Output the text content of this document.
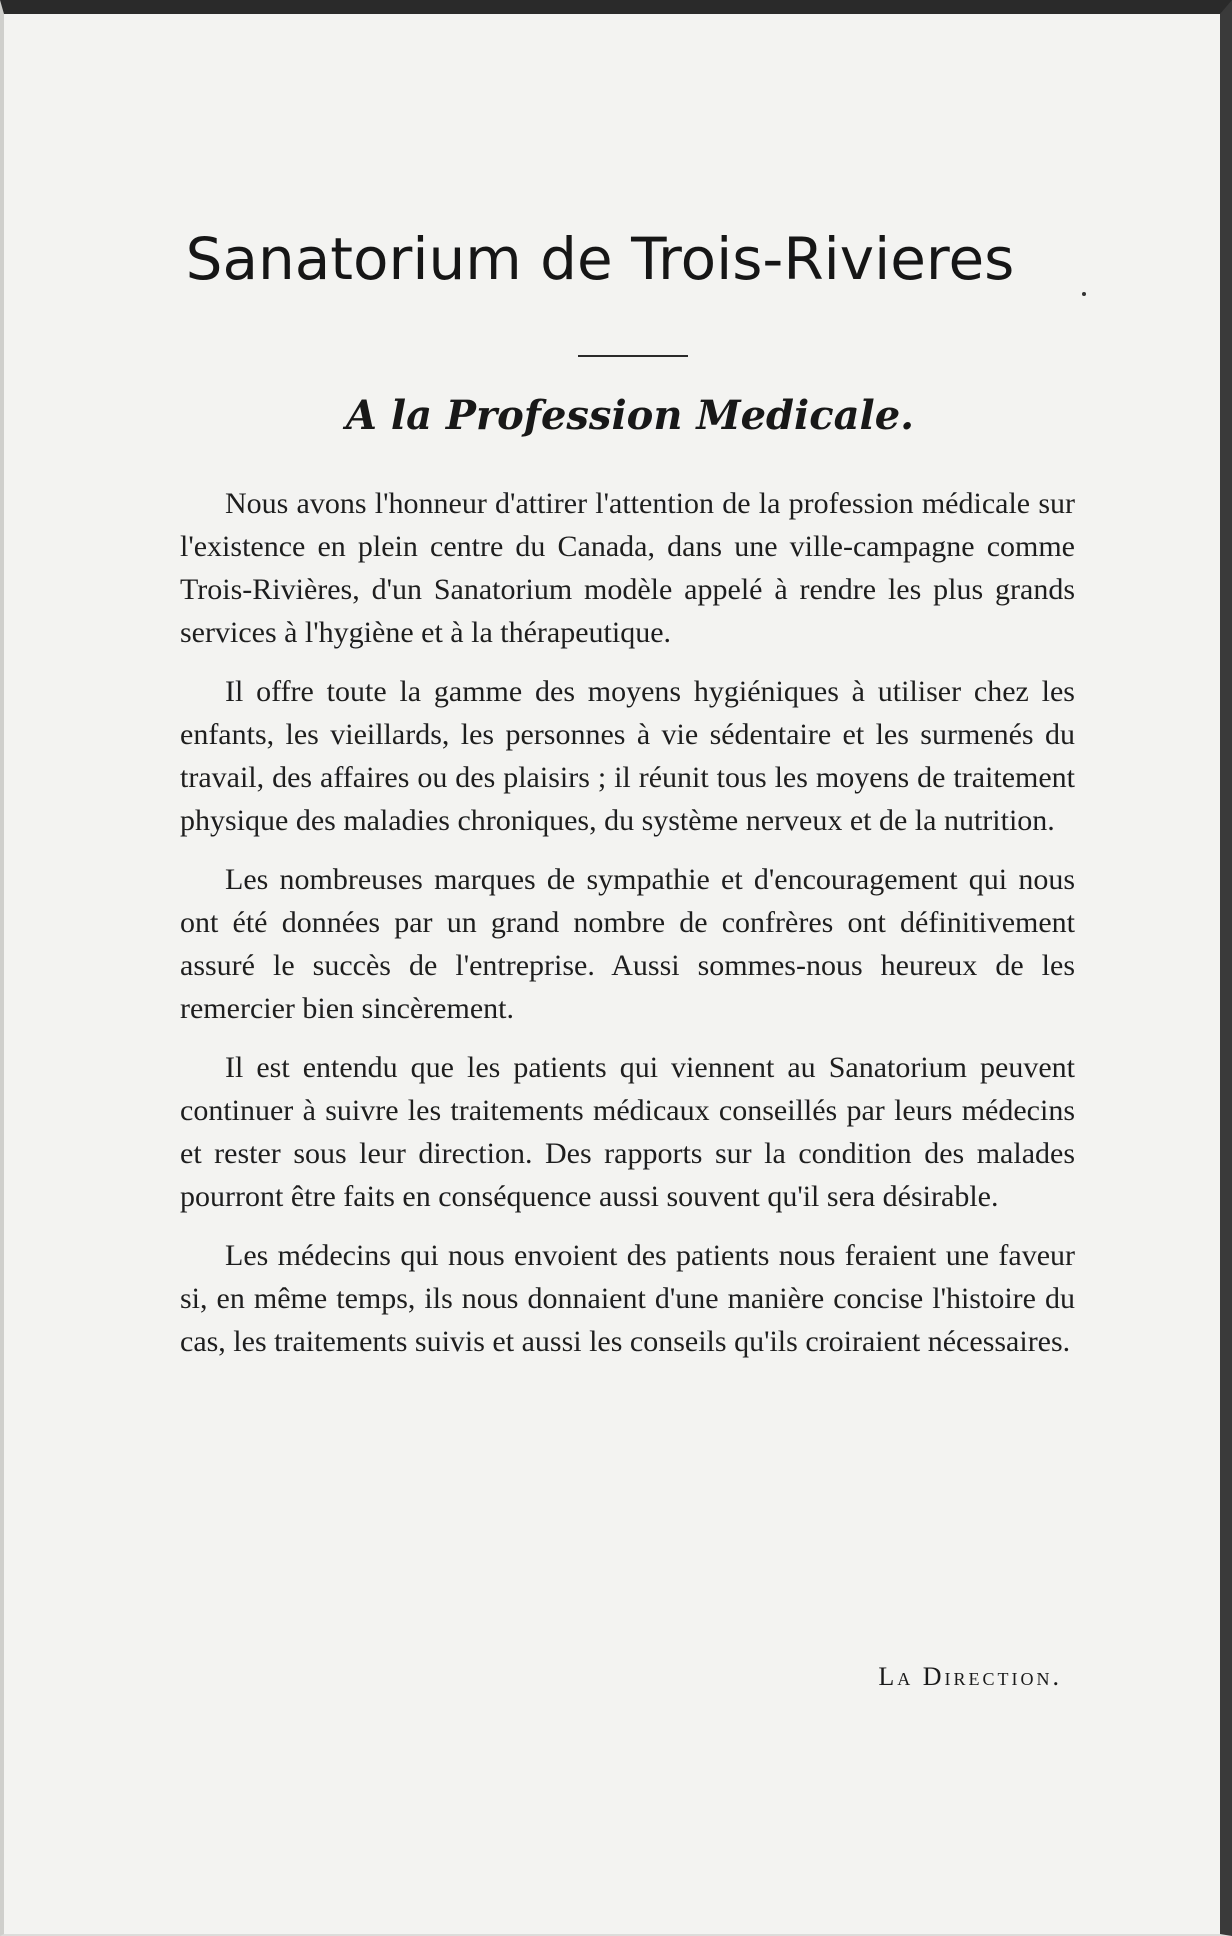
Sanatorium de Trois-Rivieres
A la Profession Medicale.

Nous avons l'honneur d'attirer l'attention de la profession médicale sur l'existence en plein centre du Canada, dans une ville-campagne comme Trois-Rivières, d'un Sanatorium modèle appelé à rendre les plus grands services à l'hygiène et à la thérapeutique.

Il offre toute la gamme des moyens hygiéniques à utiliser chez les enfants, les vieillards, les personnes à vie sédentaire et les surmenés du travail, des affaires ou des plaisirs ; il réunit tous les moyens de traitement physique des maladies chroniques, du système nerveux et de la nutrition.

Les nombreuses marques de sympathie et d'encouragement qui nous ont été données par un grand nombre de confrères ont définitivement assuré le succès de l'entreprise. Aussi sommes-nous heureux de les remercier bien sincèrement.

Il est entendu que les patients qui viennent au Sanatorium peuvent continuer à suivre les traitements médicaux conseillés par leurs médecins et rester sous leur direction. Des rapports sur la condition des malades pourront être faits en conséquence aussi souvent qu'il sera désirable.

Les médecins qui nous envoient des patients nous feraient une faveur si, en même temps, ils nous donnaient d'une manière concise l'histoire du cas, les traitements suivis et aussi les conseils qu'ils croiraient nécessaires.

La Direction.
